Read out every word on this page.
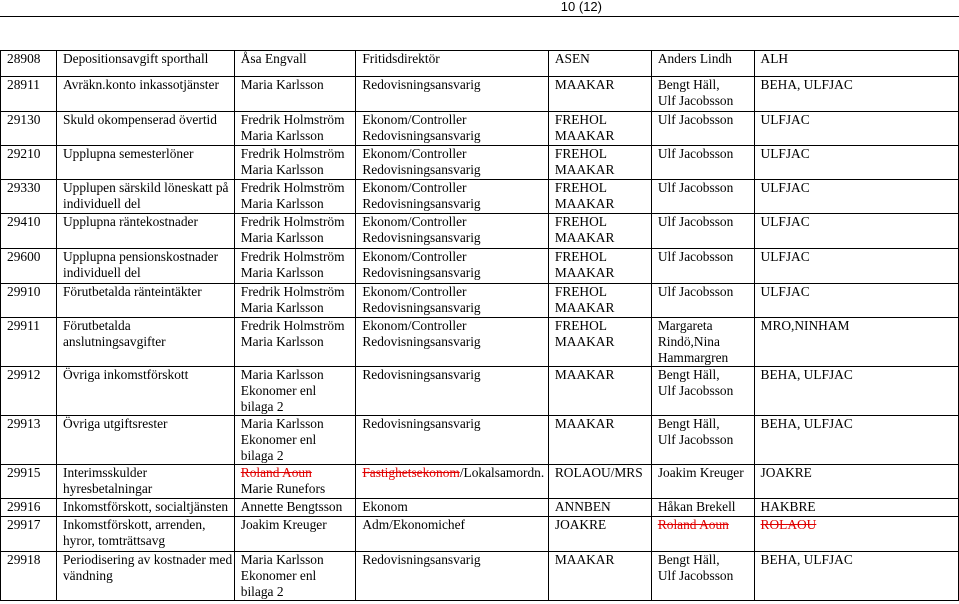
10 (12)
28908	Depositionsavgift sporthall	Åsa Engvall	Fritidsdirektör	ASEN	Anders Lindh	ALH

28911	Avräkn.konto inkassotjänster	Maria Karlsson	Redovisningsansvarig	MAAKAR	Bengt Häll,
Ulf Jacobsson	BEHA, ULFJAC

29130	Skuld okompenserad övertid	Fredrik Holmström
Maria Karlsson	Ekonom/Controller
Redovisningsansvarig	FREHOL
MAAKAR	Ulf Jacobsson	ULFJAC

29210	Upplupna semesterlöner	Fredrik Holmström
Maria Karlsson	Ekonom/Controller
Redovisningsansvarig	FREHOL
MAAKAR	Ulf Jacobsson	ULFJAC

29330	Upplupen särskild löneskatt på
individuell del	Fredrik Holmström
Maria Karlsson	Ekonom/Controller
Redovisningsansvarig	FREHOL
MAAKAR	Ulf Jacobsson	ULFJAC

29410	Upplupna räntekostnader	Fredrik Holmström
Maria Karlsson	Ekonom/Controller
Redovisningsansvarig	FREHOL
MAAKAR	Ulf Jacobsson	ULFJAC

29600	Upplupna pensionskostnader
individuell del	Fredrik Holmström
Maria Karlsson	Ekonom/Controller
Redovisningsansvarig	FREHOL
MAAKAR	Ulf Jacobsson	ULFJAC

29910	Förutbetalda ränteintäkter	Fredrik Holmström
Maria Karlsson	Ekonom/Controller
Redovisningsansvarig	FREHOL
MAAKAR	Ulf Jacobsson	ULFJAC

29911	Förutbetalda
anslutningsavgifter	Fredrik Holmström
Maria Karlsson	Ekonom/Controller
Redovisningsansvarig	FREHOL
MAAKAR	Margareta
Rindö,Nina
Hammargren	MRO,NINHAM

29912	Övriga inkomstförskott	Maria Karlsson
Ekonomer enl
bilaga 2	Redovisningsansvarig	MAAKAR	Bengt Häll,
Ulf Jacobsson	BEHA, ULFJAC

29913	Övriga utgiftsrester	Maria Karlsson
Ekonomer enl
bilaga 2	Redovisningsansvarig	MAAKAR	Bengt Häll,
Ulf Jacobsson	BEHA, ULFJAC

29915	Interimsskulder
hyresbetalningar	Roland Aoun
Marie Runefors	Fastighetsekonom/Lokalsamordn.	ROLAOU/MRS	Joakim Kreuger	JOAKRE

29916	Inkomstförskott, socialtjänsten	Annette Bengtsson	Ekonom	ANNBEN	Håkan Brekell	HAKBRE

29917	Inkomstförskott, arrenden,
hyror, tomträttsavg	Joakim Kreuger	Adm/Ekonomichef	JOAKRE	Roland Aoun	ROLAOU

29918	Periodisering av kostnader med
vändning	Maria Karlsson
Ekonomer enl
bilaga 2	Redovisningsansvarig	MAAKAR	Bengt Häll,
Ulf Jacobsson	BEHA, ULFJAC
